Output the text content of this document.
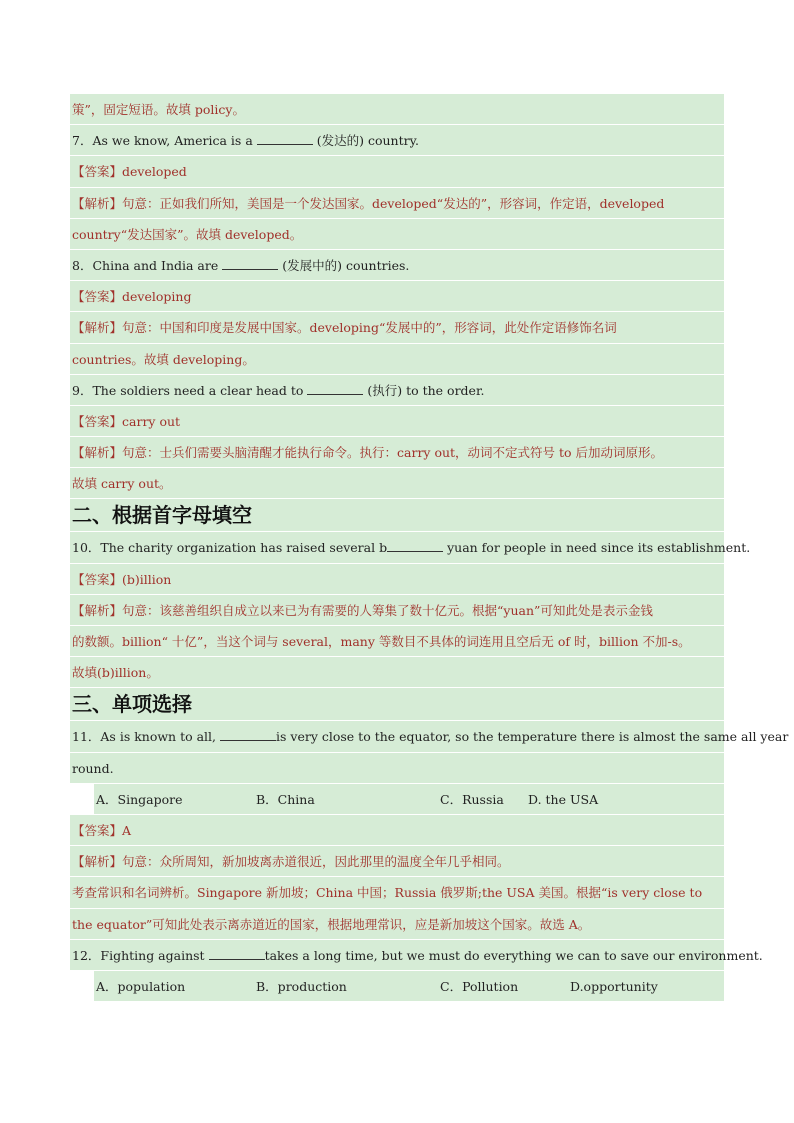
策”，固定短语。故填 policy。
7．As we know, America is a	(发达的) country.
【答案】developed
【解析】句意：正如我们所知，美国是一个发达国家。developed“发达的”，形容词，作定语，developed
country“发达国家”。故填 developed。
8．China and India are	(发展中的) countries.
【答案】developing
【解析】句意：中国和印度是发展中国家。developing“发展中的”，形容词，此处作定语修饰名词
countries。故填 developing。
9．The soldiers need a clear head to	(执行) to the order.
【答案】carry out
【解析】句意：士兵们需要头脑清醒才能执行命令。执行：carry out，动词不定式符号 to 后加动词原形。
故填 carry out。
二、根据首字母填空
10．The charity organization has raised several b	yuan for people in need since its establishment.
【答案】(b)illion
【解析】句意：该慈善组织自成立以来已为有需要的人筹集了数十亿元。根据“yuan”可知此处是表示金钱
的数额。billion“ 十亿”，当这个词与 several，many 等数目不具体的词连用且空后无 of 时，billion 不加-s。
故填(b)illion。
三、单项选择
11．As is known to all,	is very close to the equator, so the temperature there is almost the same all year
round.
A．Singapore	B．China	C．Russia D. the USA
【答案】A
【解析】句意：众所周知，新加坡离赤道很近，因此那里的温度全年几乎相同。
考查常识和名词辨析。Singapore 新加坡；China 中国；Russia 俄罗斯;the USA 美国。根据“is very close to
the equator”可知此处表示离赤道近的国家，根据地理常识，应是新加坡这个国家。故选 A。
12．Fighting against	takes a long time, but we must do everything we can to save our environment.
A．population	B．production	C．Pollution	D.opportunity
